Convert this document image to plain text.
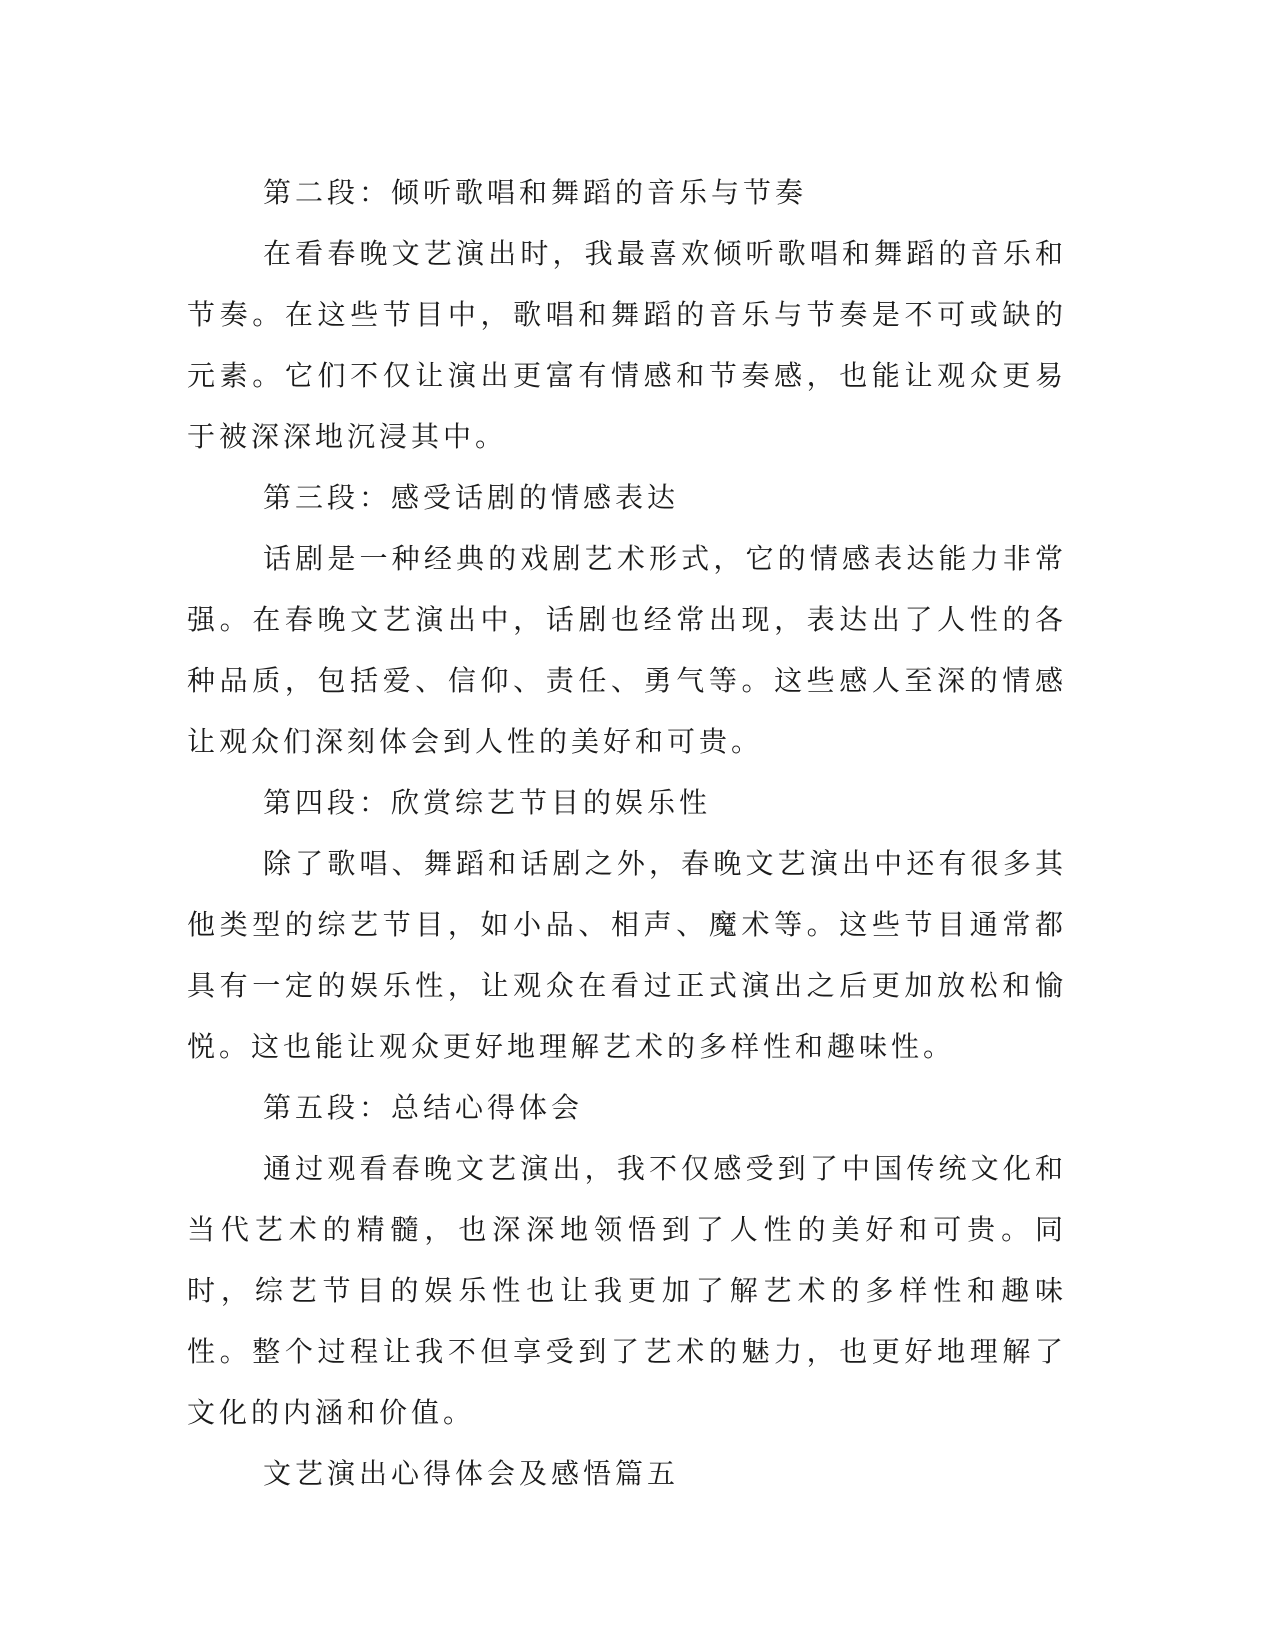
第二段：倾听歌唱和舞蹈的音乐与节奏

在看春晚文艺演出时，我最喜欢倾听歌唱和舞蹈的音乐和节奏。在这些节目中，歌唱和舞蹈的音乐与节奏是不可或缺的元素。它们不仅让演出更富有情感和节奏感，也能让观众更易于被深深地沉浸其中。

第三段：感受话剧的情感表达

话剧是一种经典的戏剧艺术形式，它的情感表达能力非常强。在春晚文艺演出中，话剧也经常出现，表达出了人性的各种品质，包括爱、信仰、责任、勇气等。这些感人至深的情感让观众们深刻体会到人性的美好和可贵。

第四段：欣赏综艺节目的娱乐性

除了歌唱、舞蹈和话剧之外，春晚文艺演出中还有很多其他类型的综艺节目，如小品、相声、魔术等。这些节目通常都具有一定的娱乐性，让观众在看过正式演出之后更加放松和愉悦。这也能让观众更好地理解艺术的多样性和趣味性。

第五段：总结心得体会

通过观看春晚文艺演出，我不仅感受到了中国传统文化和当代艺术的精髓，也深深地领悟到了人性的美好和可贵。同时，综艺节目的娱乐性也让我更加了解艺术的多样性和趣味性。整个过程让我不但享受到了艺术的魅力，也更好地理解了文化的内涵和价值。

文艺演出心得体会及感悟篇五
